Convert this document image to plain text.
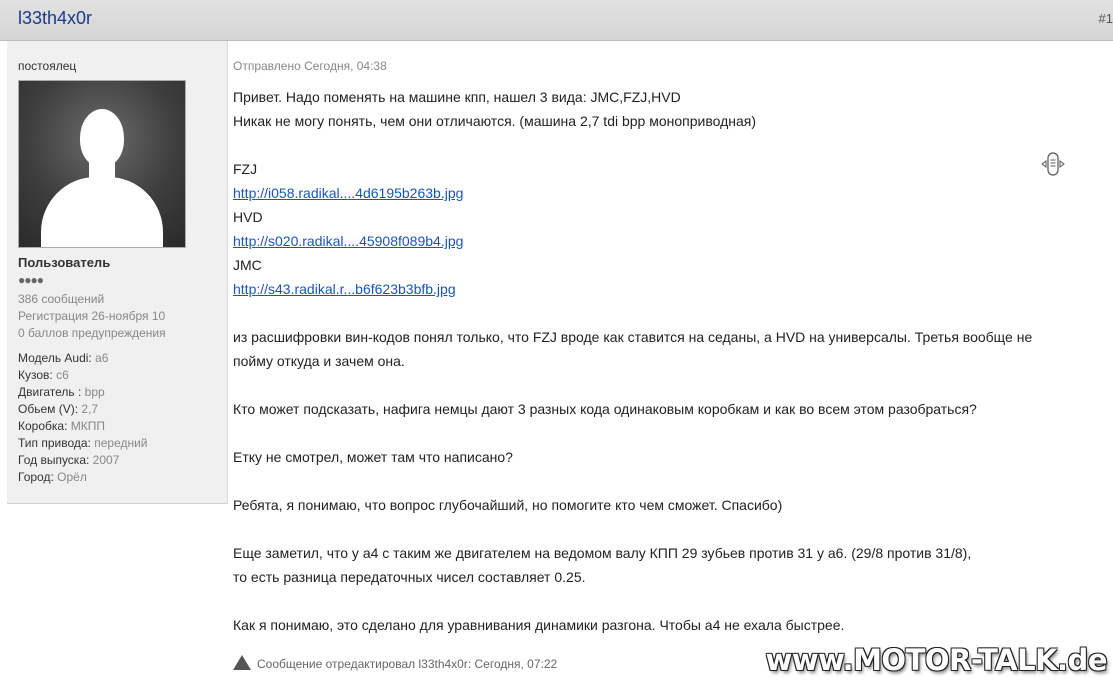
l33th4x0r	#1
постоялец
Пользователь
●●●●
386 сообщений
Регистрация 26-ноября 10
0 баллов предупреждения
Модель Audi: а6
Кузов: с6
Двигатель : bpp
Обьем (V): 2,7
Коробка: МКПП
Тип привода: передний
Год выпуска: 2007
Город: Орёл
Отправлено Сегодня, 04:38
Привет. Надо поменять на машине кпп, нашел 3 вида: JMC,FZJ,HVD
Никак не могу понять, чем они отличаются. (машина 2,7 tdi bpp моноприводная)
FZJ
http://i058.radikal....4d6195b263b.jpg
HVD
http://s020.radikal....45908f089b4.jpg
JMC
http://s43.radikal.r...b6f623b3bfb.jpg
из расшифровки вин-кодов понял только, что FZJ вроде как ставится на седаны, а HVD на универсалы. Третья вообще не
пойму откуда и зачем она.
Кто может подсказать, нафига немцы дают 3 разных кода одинаковым коробкам и как во всем этом разобраться?
Етку не смотрел, может там что написано?
Ребята, я понимаю, что вопрос глубочайший, но помогите кто чем сможет. Спасибо)
Еще заметил, что у а4 с таким же двигателем на ведомом валу КПП 29 зубьев против 31 у а6. (29/8 против 31/8),
то есть разница передаточных чисел составляет 0.25.
Как я понимаю, это сделано для уравнивания динамики разгона. Чтобы а4 не ехала быстрее.
Сообщение отредактировал l33th4x0r: Сегодня, 07:22	www.MOTOR-TALK.de
